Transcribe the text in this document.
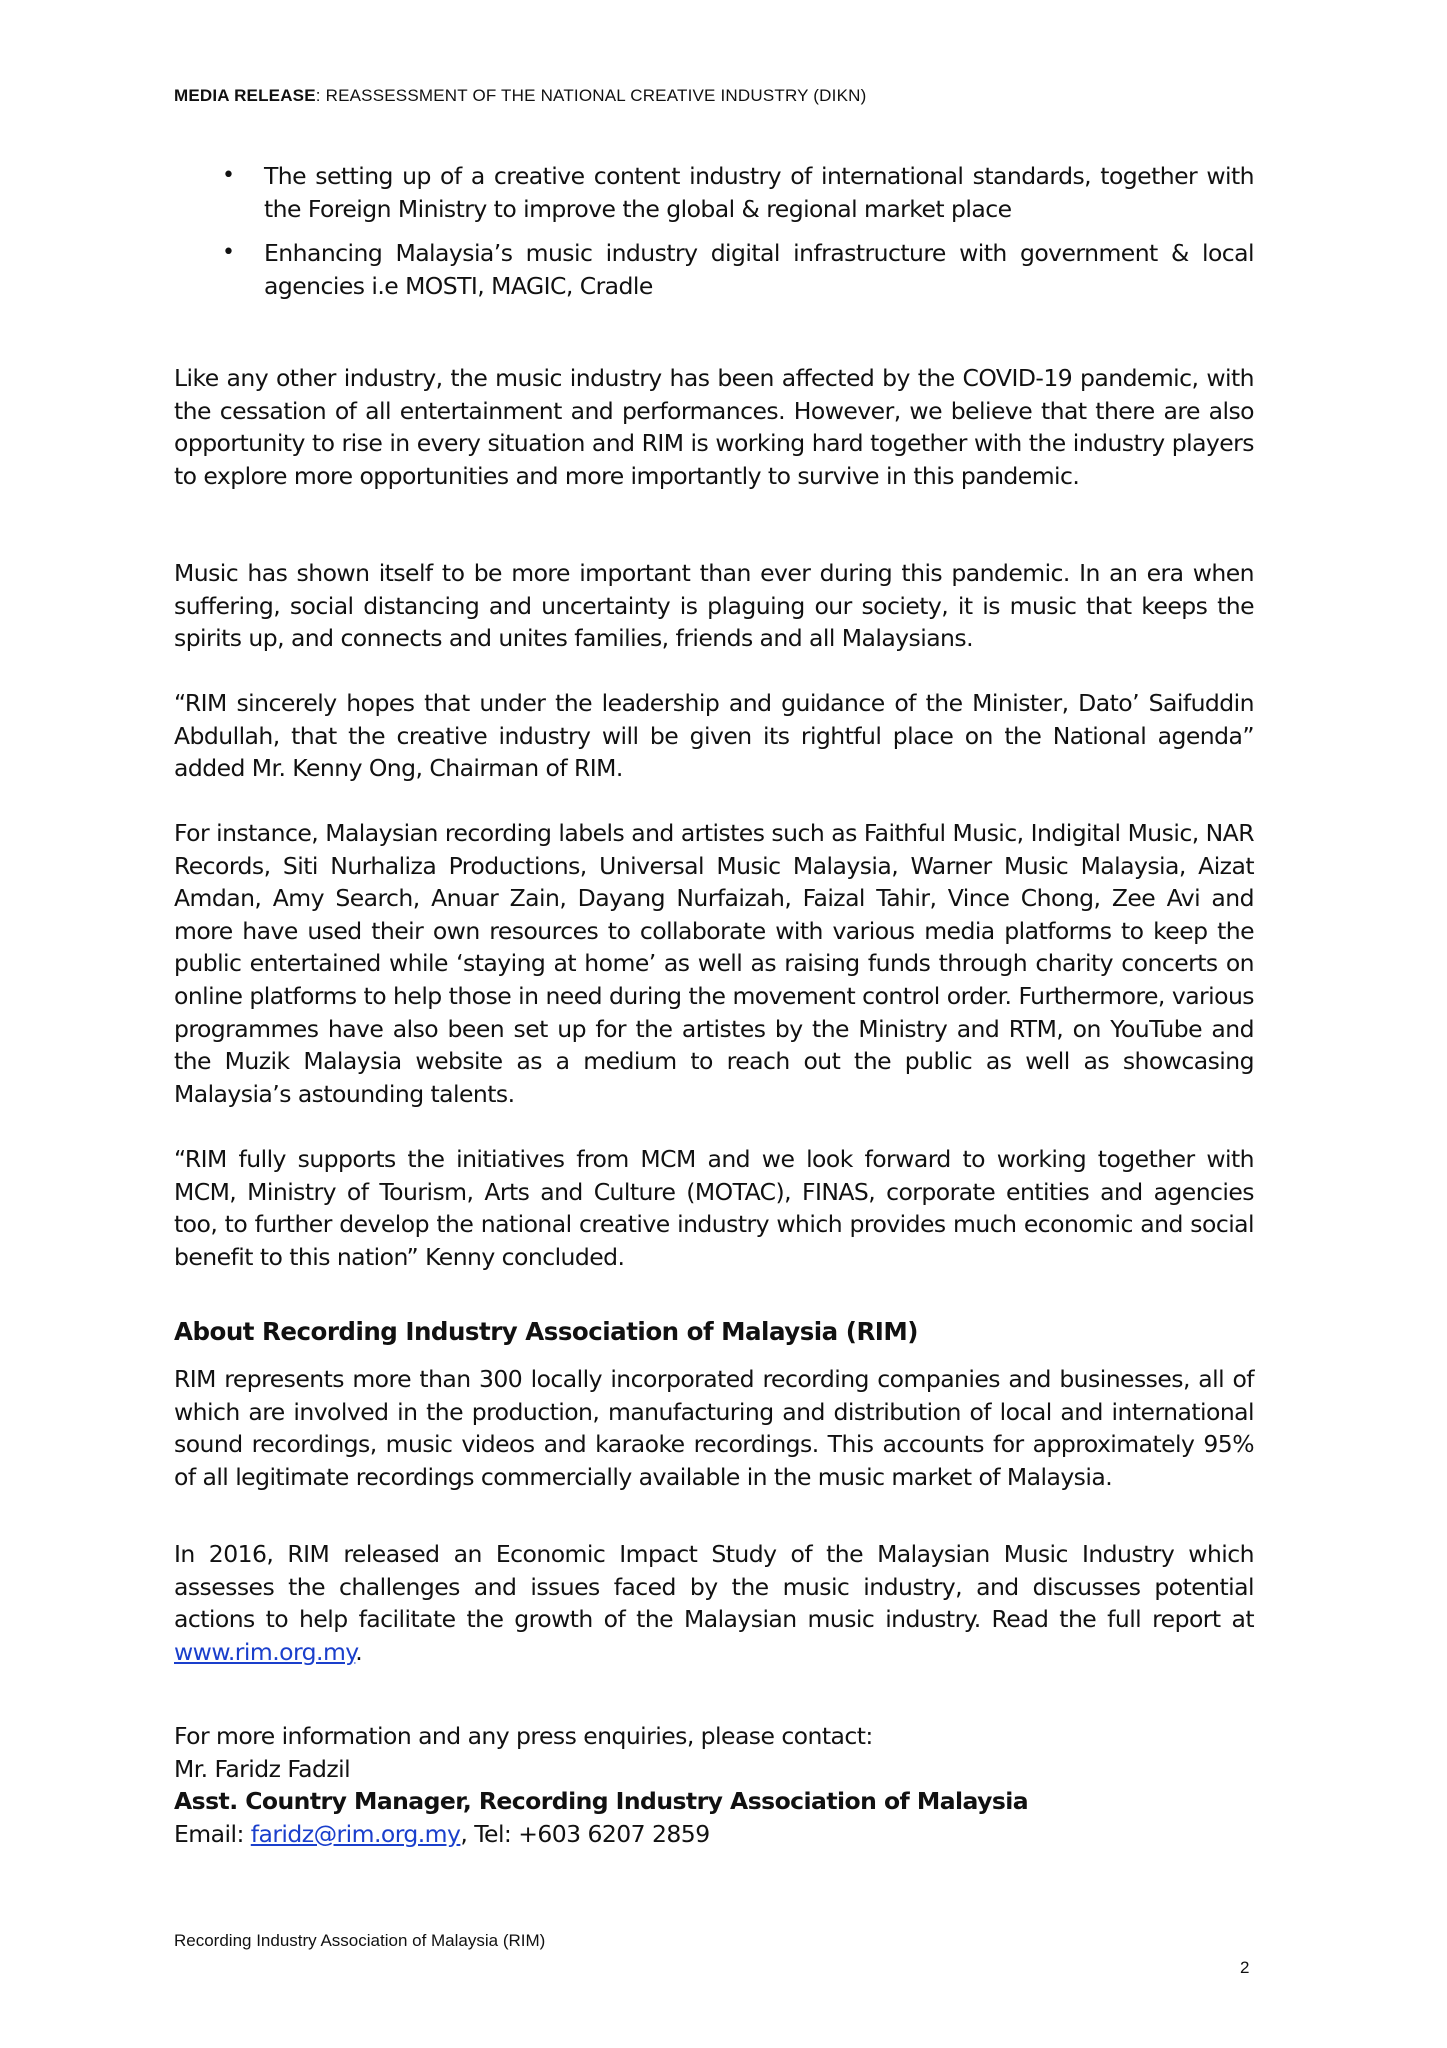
MEDIA RELEASE: REASSESSMENT OF THE NATIONAL CREATIVE INDUSTRY (DIKN)
• The setting up of a creative content industry of international standards, together with the Foreign Ministry to improve the global & regional market place
• Enhancing Malaysia’s music industry digital infrastructure with government & local agencies i.e MOSTI, MAGIC, Cradle

Like any other industry, the music industry has been affected by the COVID-19 pandemic, with the cessation of all entertainment and performances. However, we believe that there are also opportunity to rise in every situation and RIM is working hard together with the industry players to explore more opportunities and more importantly to survive in this pandemic.

Music has shown itself to be more important than ever during this pandemic. In an era when suffering, social distancing and uncertainty is plaguing our society, it is music that keeps the spirits up, and connects and unites families, friends and all Malaysians.

“RIM sincerely hopes that under the leadership and guidance of the Minister, Dato’ Saifuddin Abdullah, that the creative industry will be given its rightful place on the National agenda” added Mr. Kenny Ong, Chairman of RIM.

For instance, Malaysian recording labels and artistes such as Faithful Music, Indigital Music, NAR Records, Siti Nurhaliza Productions, Universal Music Malaysia, Warner Music Malaysia, Aizat Amdan, Amy Search, Anuar Zain, Dayang Nurfaizah, Faizal Tahir, Vince Chong, Zee Avi and more have used their own resources to collaborate with various media platforms to keep the public entertained while ‘staying at home’ as well as raising funds through charity concerts on online platforms to help those in need during the movement control order. Furthermore, various programmes have also been set up for the artistes by the Ministry and RTM, on YouTube and the Muzik Malaysia website as a medium to reach out the public as well as showcasing Malaysia’s astounding talents.

“RIM fully supports the initiatives from MCM and we look forward to working together with MCM, Ministry of Tourism, Arts and Culture (MOTAC), FINAS, corporate entities and agencies too, to further develop the national creative industry which provides much economic and social benefit to this nation” Kenny concluded.

About Recording Industry Association of Malaysia (RIM)

RIM represents more than 300 locally incorporated recording companies and businesses, all of which are involved in the production, manufacturing and distribution of local and international sound recordings, music videos and karaoke recordings. This accounts for approximately 95% of all legitimate recordings commercially available in the music market of Malaysia.

In 2016, RIM released an Economic Impact Study of the Malaysian Music Industry which assesses the challenges and issues faced by the music industry, and discusses potential actions to help facilitate the growth of the Malaysian music industry. Read the full report at www.rim.org.my.

For more information and any press enquiries, please contact:
Mr. Faridz Fadzil
Asst. Country Manager, Recording Industry Association of Malaysia
Email: faridz@rim.org.my, Tel: +603 6207 2859
Recording Industry Association of Malaysia (RIM)
2
